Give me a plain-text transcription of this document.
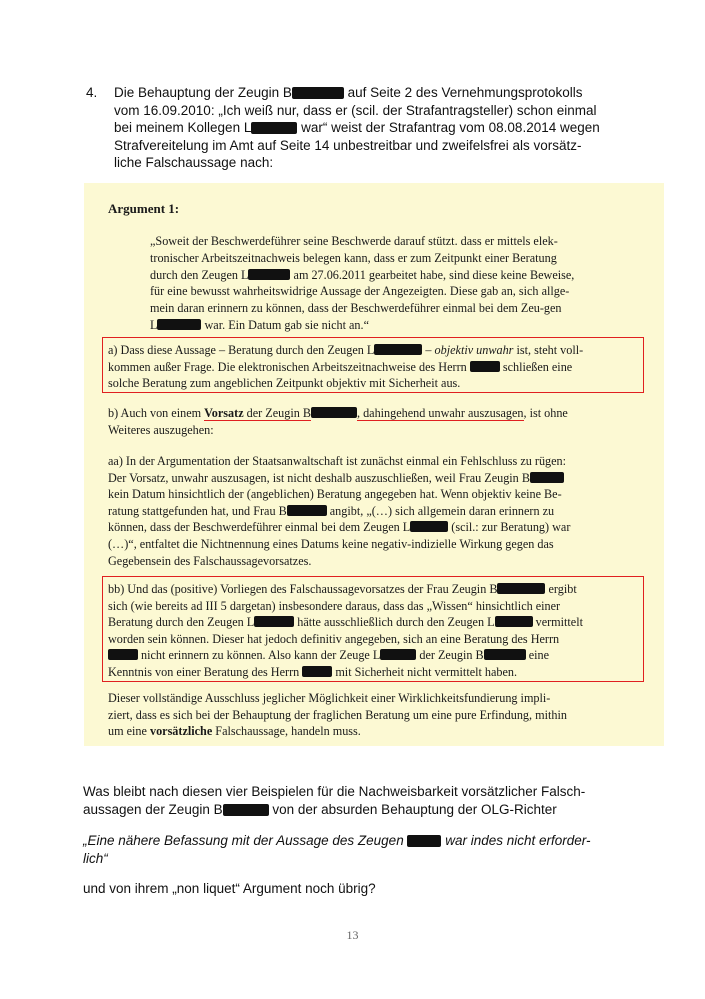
4. Die Behauptung der Zeugin B	auf Seite 2 des Vernehmungsprotokolls
vom 16.09.2010: „Ich weiß nur, dass er (scil. der Strafantragsteller) schon einmal
bei meinem Kollegen L	war“ weist der Strafantrag vom 08.08.2014 wegen
Strafvereitelung im Amt auf Seite 14 unbestreitbar und zweifelsfrei als vorsätz-
liche Falschaussage nach:
Argument 1:
„Soweit der Beschwerdeführer seine Beschwerde darauf stützt. dass er mittels elek-
tronischer Arbeitszeitnachweis belegen kann, dass er zum Zeitpunkt einer Beratung
durch den Zeugen L	am 27.06.2011 gearbeitet habe, sind diese keine Beweise,
für eine bewusst wahrheitswidrige Aussage der Angezeigten. Diese gab an, sich allge-
mein daran erinnern zu können, dass der Beschwerdeführer einmal bei dem Zeu-gen
L	war. Ein Datum gab sie nicht an.“
a) Dass diese Aussage – Beratung durch den Zeugen L	– objektiv unwahr ist, steht voll-
kommen außer Frage. Die elektronischen Arbeitszeitnachweise des Herrn  schließen eine
solche Beratung zum angeblichen Zeitpunkt objektiv mit Sicherheit aus.
b) Auch von einem Vorsatz der Zeugin B	, dahingehend unwahr auszusagen, ist ohne
Weiteres auszugehen:
aa) In der Argumentation der Staatsanwaltschaft ist zunächst einmal ein Fehlschluss zu rügen:
Der Vorsatz, unwahr auszusagen, ist nicht deshalb auszuschließen, weil Frau Zeugin B
kein Datum hinsichtlich der (angeblichen) Beratung angegeben hat. Wenn objektiv keine Be-
ratung stattgefunden hat, und Frau B	angibt, „(…) sich allgemein daran erinnern zu
können, dass der Beschwerdeführer einmal bei dem Zeugen L	(scil.: zur Beratung) war
(…)“, entfaltet die Nichtnennung eines Datums keine negativ-indizielle Wirkung gegen das
Gegebensein des Falschaussagevorsatzes.
bb) Und das (positive) Vorliegen des Falschaussagevorsatzes der Frau Zeugin B	ergibt
sich (wie bereits ad III 5 dargetan) insbesondere daraus, dass das „Wissen“ hinsichtlich einer
Beratung durch den Zeugen L	hätte ausschließlich durch den Zeugen L	vermittelt
worden sein können. Dieser hat jedoch definitiv angegeben, sich an eine Beratung des Herrn
nicht erinnern zu können. Also kann der Zeuge L	der Zeugin B	eine
Kenntnis von einer Beratung des Herrn  mit Sicherheit nicht vermittelt haben.
Dieser vollständige Ausschluss jeglicher Möglichkeit einer Wirklichkeitsfundierung impli-
ziert, dass es sich bei der Behauptung der fraglichen Beratung um eine pure Erfindung, mithin
um eine vorsätzliche Falschaussage, handeln muss.
Was bleibt nach diesen vier Beispielen für die Nachweisbarkeit vorsätzlicher Falsch-
aussagen der Zeugin B	von der absurden Behauptung der OLG-Richter
„Eine nähere Befassung mit der Aussage des Zeugen	war indes nicht erforder-
lich“
und von ihrem „non liquet“ Argument noch übrig?
13
